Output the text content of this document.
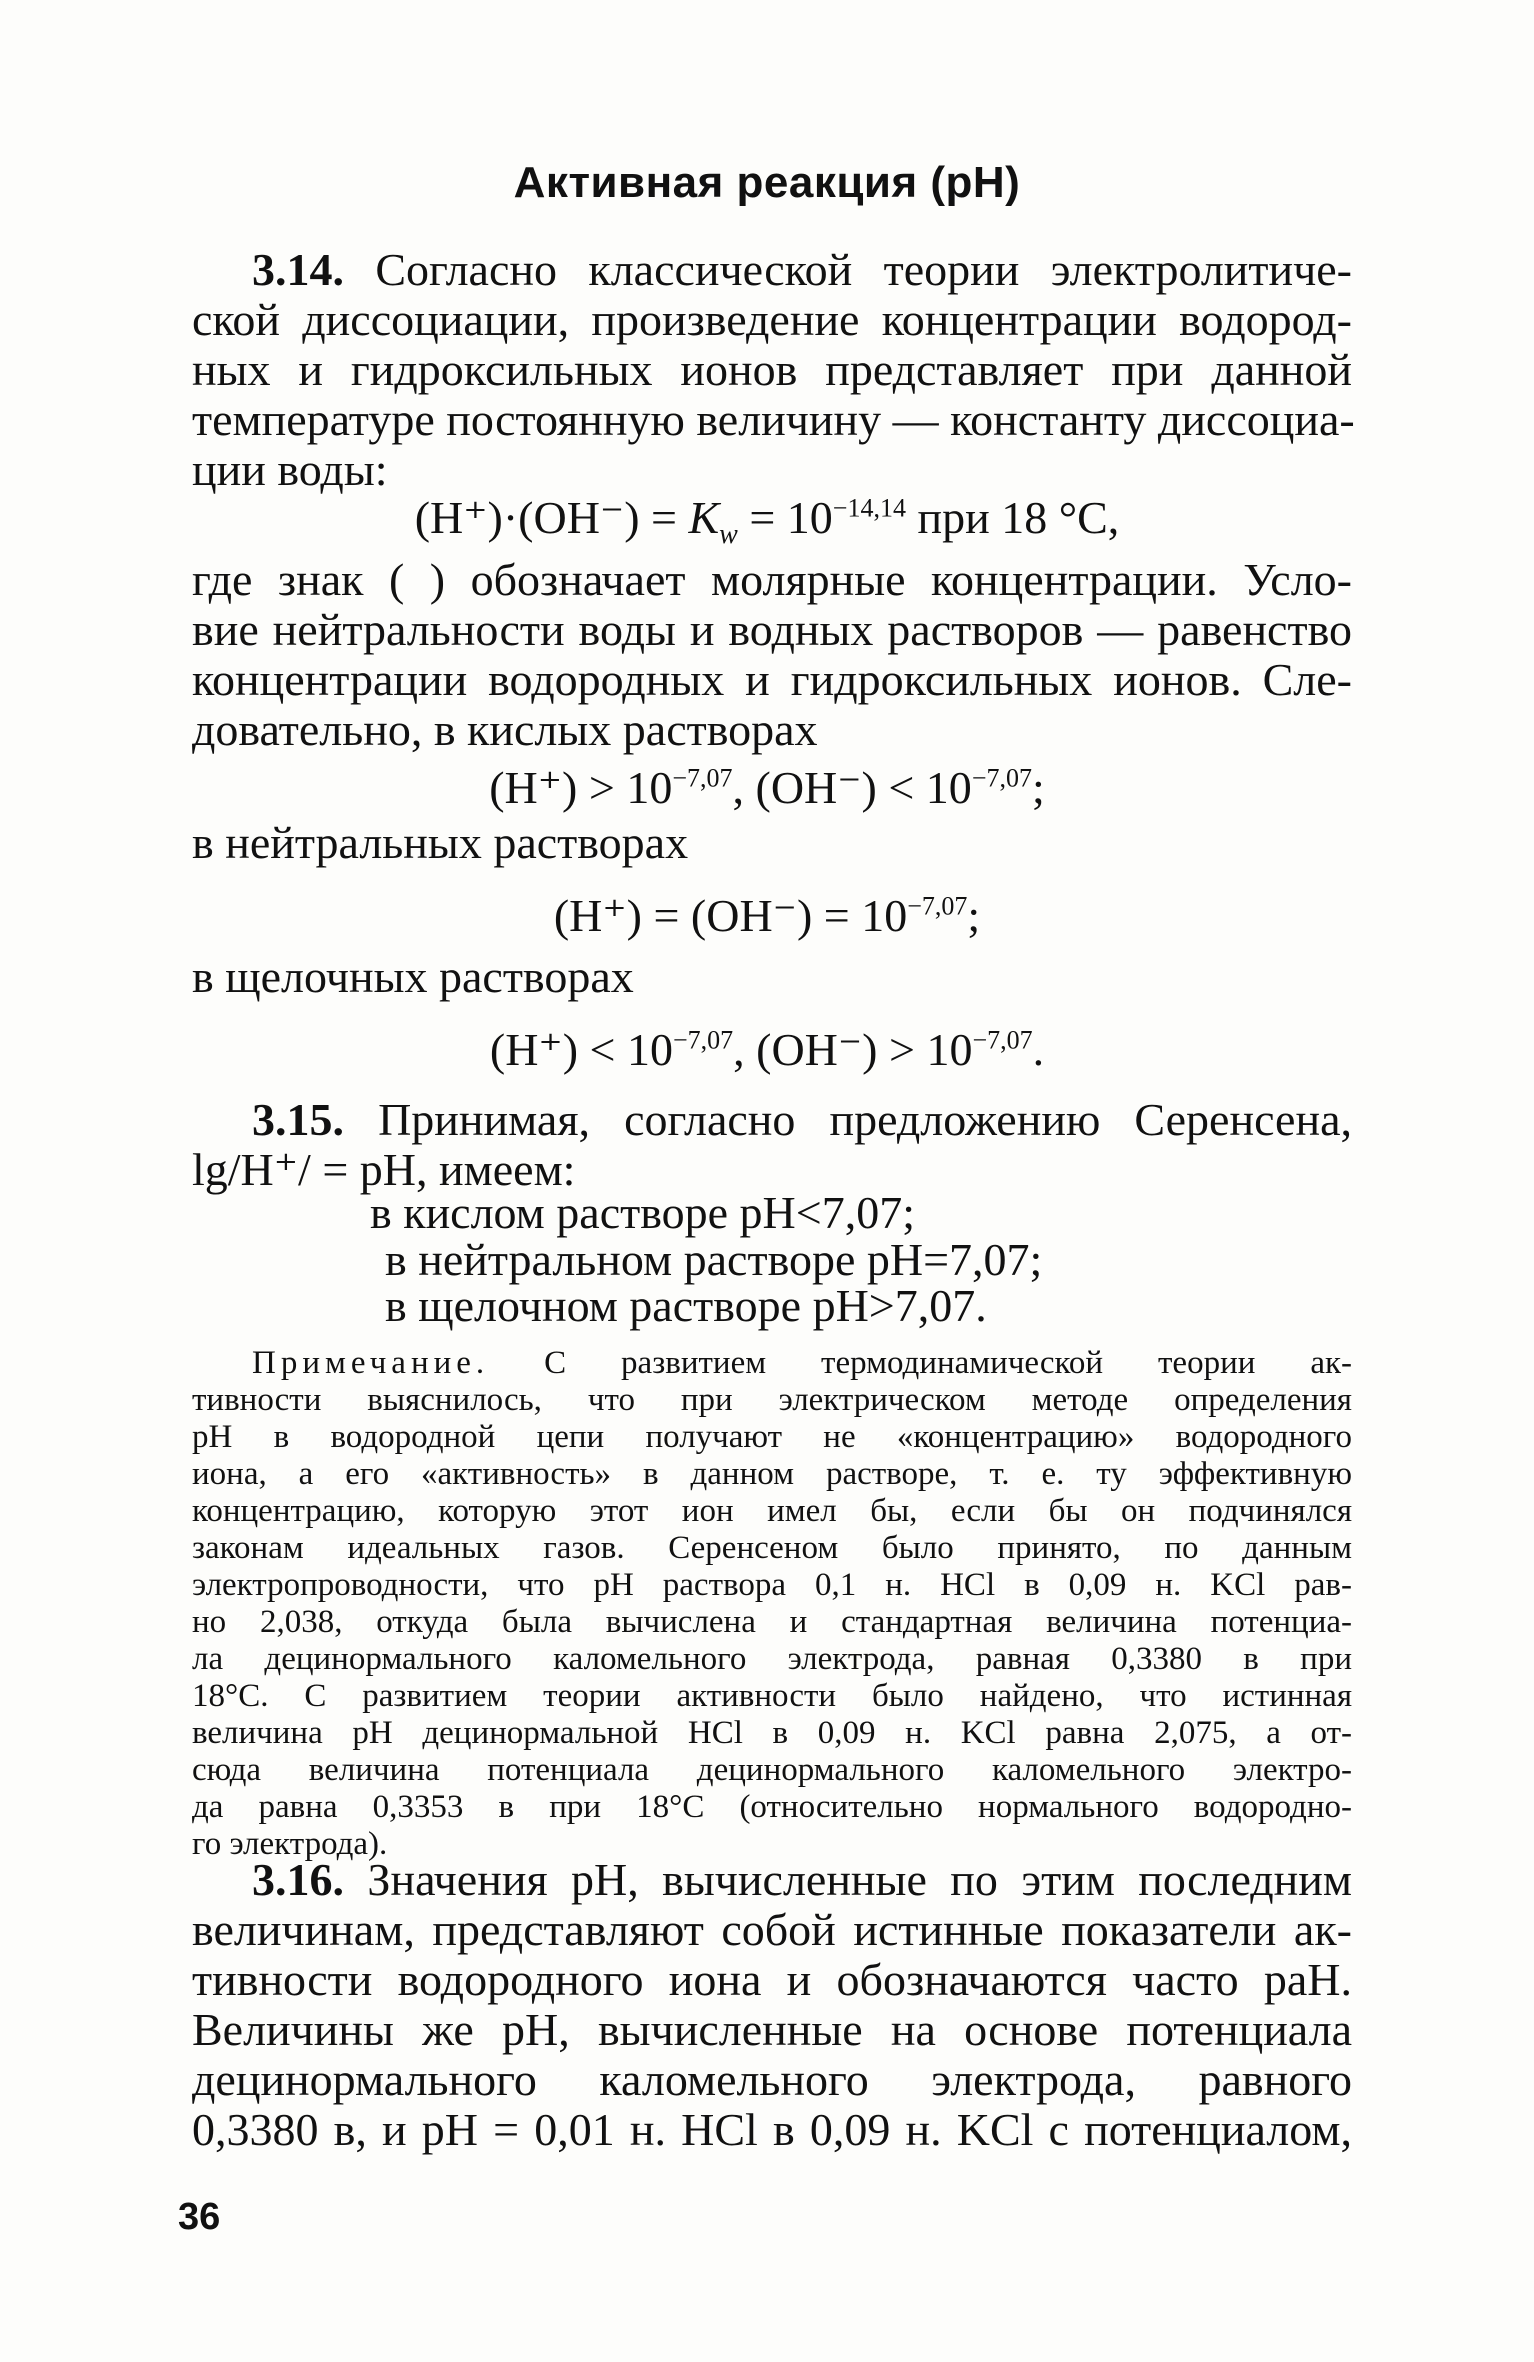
Активная реакция (pH)
3.14. Согласно классической теории электролитиче-
ской диссоциации, произведение концентрации водород-
ных и гидроксильных ионов представляет при данной
температуре постоянную величину — константу диссоциа-
ции воды:
$(H^+)\cdot(OH^-) = K_w = 10^{-14,14}$ при 18 °С,
где знак ( ) обозначает молярные концентрации. Усло-
вие нейтральности воды и водных растворов — равенство
концентрации водородных и гидроксильных ионов. Сле-
довательно, в кислых растворах
$(H^+) > 10^{-7,07}$, $(OH^-) < 10^{-7,07}$;
в нейтральных растворах
$(H^+) = (OH^-) = 10^{-7,07}$;
в щелочных растворах
$(H^+) < 10^{-7,07}$, $(OH^-) > 10^{-7,07}$.
3.15. Принимая, согласно предложению Серенсена,
lg/H⁺/ = pH, имеем:
в кислом растворе pH<7,07;
в нейтральном растворе pH=7,07;
в щелочном растворе pH>7,07.
Примечание. С развитием термодинамической теории ак-
тивности выяснилось, что при электрическом методе определения
pH в водородной цепи получают не «концентрацию» водородного
иона, а его «активность» в данном растворе, т. е. ту эффективную
концентрацию, которую этот ион имел бы, если бы он подчинялся
законам идеальных газов. Серенсеном было принято, по данным
электропроводности, что pH раствора 0,1 н. HCl в 0,09 н. KCl рав-
но 2,038, откуда была вычислена и стандартная величина потенциа-
ла децинормального каломельного электрода, равная 0,3380 в при
18°С. С развитием теории активности было найдено, что истинная
величина pH децинормальной HCl в 0,09 н. KCl равна 2,075, а от-
сюда величина потенциала децинормального каломельного электро-
да равна 0,3353 в при 18°С (относительно нормального водородно-
го электрода).
3.16. Значения pH, вычисленные по этим последним
величинам, представляют собой истинные показатели ак-
тивности водородного иона и обозначаются часто paH.
Величины же pH, вычисленные на основе потенциала
децинормального каломельного электрода, равного
0,3380 в, и pH = 0,01 н. HCl в 0,09 н. KCl с потенциалом,
36
